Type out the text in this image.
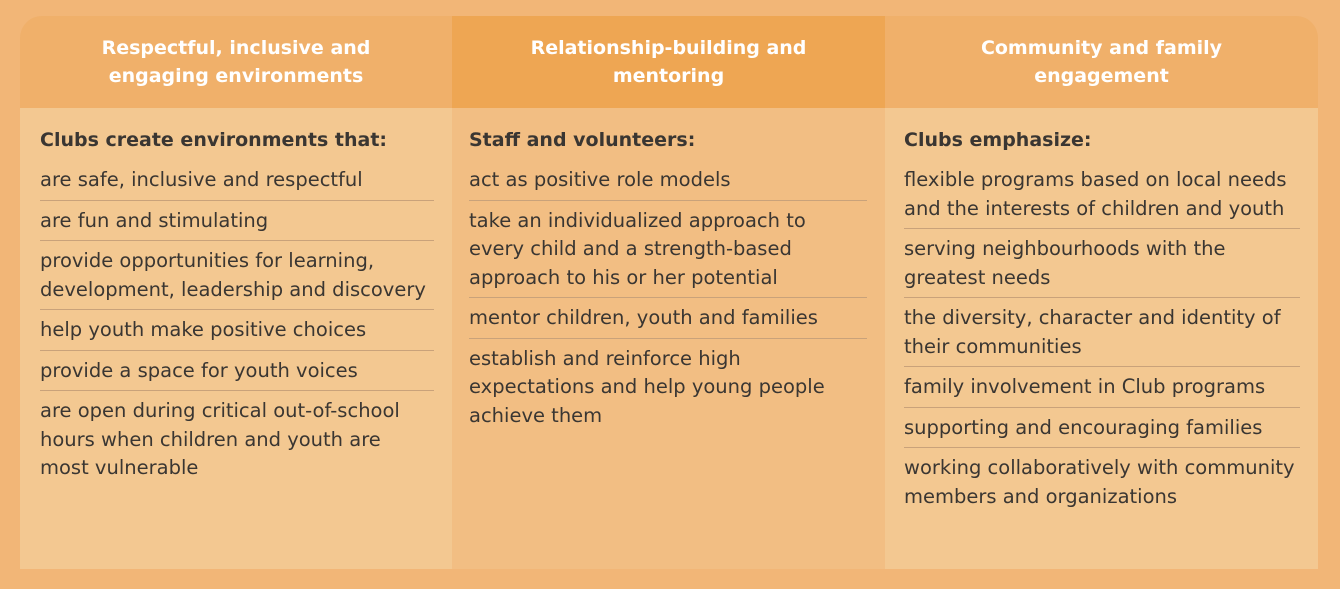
Respectful, inclusive and engaging environments
Clubs create environments that:
are safe, inclusive and respectful
are fun and stimulating
provide opportunities for learning, development, leadership and discovery
help youth make positive choices
provide a space for youth voices
are open during critical out-of-school hours when children and youth are most vulnerable
Relationship-building and mentoring
Staff and volunteers:
act as positive role models
take an individualized approach to every child and a strength-based approach to his or her potential
mentor children, youth and families
establish and reinforce high expectations and help young people achieve them
Community and family engagement
Clubs emphasize:
flexible programs based on local needs and the interests of children and youth
serving neighbourhoods with the greatest needs
the diversity, character and identity of their communities
family involvement in Club programs
supporting and encouraging families
working collaboratively with community members and organizations
